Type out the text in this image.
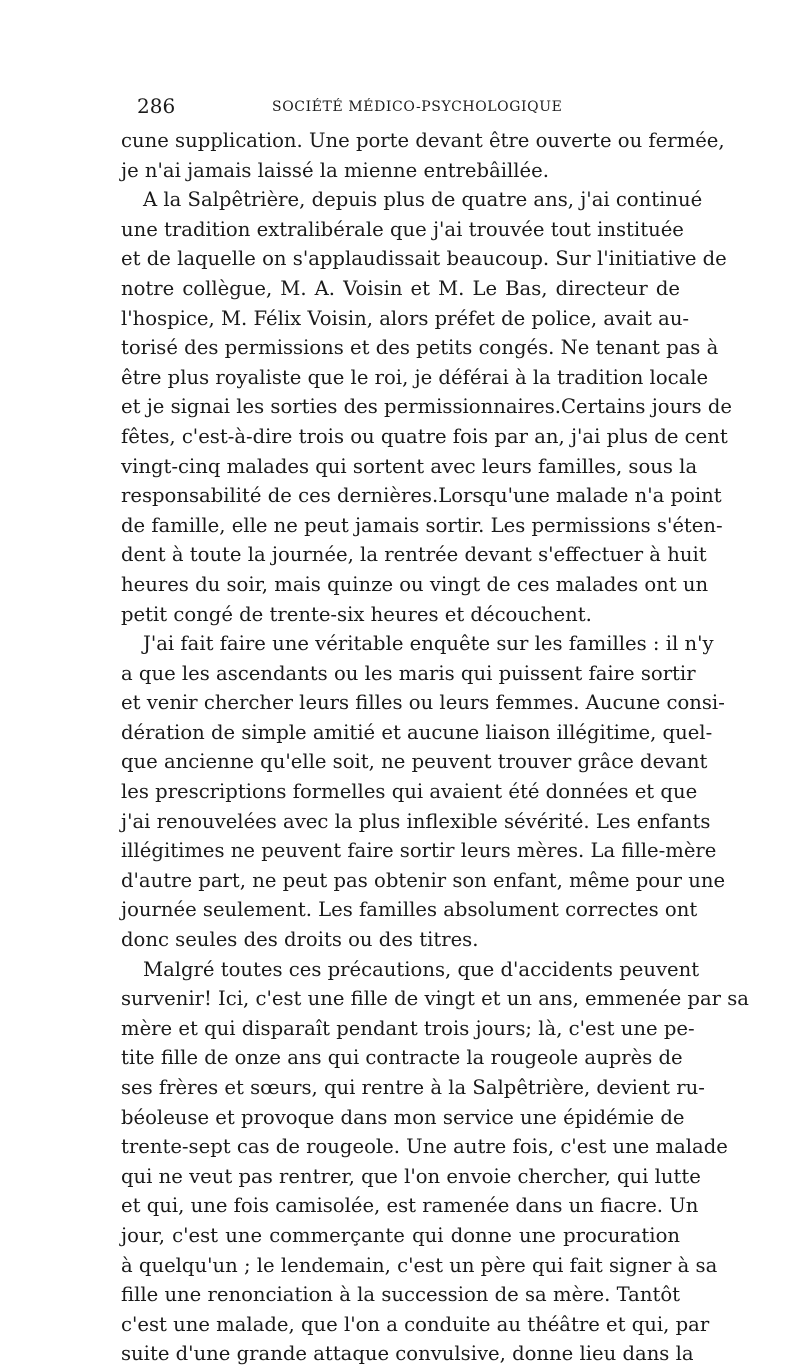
286	SOCIÉTÉ MÉDICO-PSYCHOLOGIQUE
cune supplication. Une porte devant être ouverte ou fermée,
je n'ai jamais laissé la mienne entrebâillée.
A la Salpêtrière, depuis plus de quatre ans, j'ai continué
une tradition extralibérale que j'ai trouvée tout instituée
et de laquelle on s'applaudissait beaucoup. Sur l'initiative de
notre collègue, M. A. Voisin et M. Le Bas, directeur de
l'hospice, M. Félix Voisin, alors préfet de police, avait au-
torisé des permissions et des petits congés. Ne tenant pas à
être plus royaliste que le roi, je déférai à la tradition locale
et je signai les sorties des permissionnaires.Certains jours de
fêtes, c'est-à-dire trois ou quatre fois par an, j'ai plus de cent
vingt-cinq malades qui sortent avec leurs familles, sous la
responsabilité de ces dernières.Lorsqu'une malade n'a point
de famille, elle ne peut jamais sortir. Les permissions s'éten-
dent à toute la journée, la rentrée devant s'effectuer à huit
heures du soir, mais quinze ou vingt de ces malades ont un
petit congé de trente-six heures et découchent.
J'ai fait faire une véritable enquête sur les familles : il n'y
a que les ascendants ou les maris qui puissent faire sortir
et venir chercher leurs filles ou leurs femmes. Aucune consi-
dération de simple amitié et aucune liaison illégitime, quel-
que ancienne qu'elle soit, ne peuvent trouver grâce devant
les prescriptions formelles qui avaient été données et que
j'ai renouvelées avec la plus inflexible sévérité. Les enfants
illégitimes ne peuvent faire sortir leurs mères. La fille-mère
d'autre part, ne peut pas obtenir son enfant, même pour une
journée seulement. Les familles absolument correctes ont
donc seules des droits ou des titres.
Malgré toutes ces précautions, que d'accidents peuvent
survenir! Ici, c'est une fille de vingt et un ans, emmenée par sa
mère et qui disparaît pendant trois jours; là, c'est une pe-
tite fille de onze ans qui contracte la rougeole auprès de
ses frères et sœurs, qui rentre à la Salpêtrière, devient ru-
béoleuse et provoque dans mon service une épidémie de
trente-sept cas de rougeole. Une autre fois, c'est une malade
qui ne veut pas rentrer, que l'on envoie chercher, qui lutte
et qui, une fois camisolée, est ramenée dans un fiacre. Un
jour, c'est une commerçante qui donne une procuration
à quelqu'un ; le lendemain, c'est un père qui fait signer à sa
fille une renonciation à la succession de sa mère. Tantôt
c'est une malade, que l'on a conduite au théâtre et qui, par
suite d'une grande attaque convulsive, donne lieu dans la
